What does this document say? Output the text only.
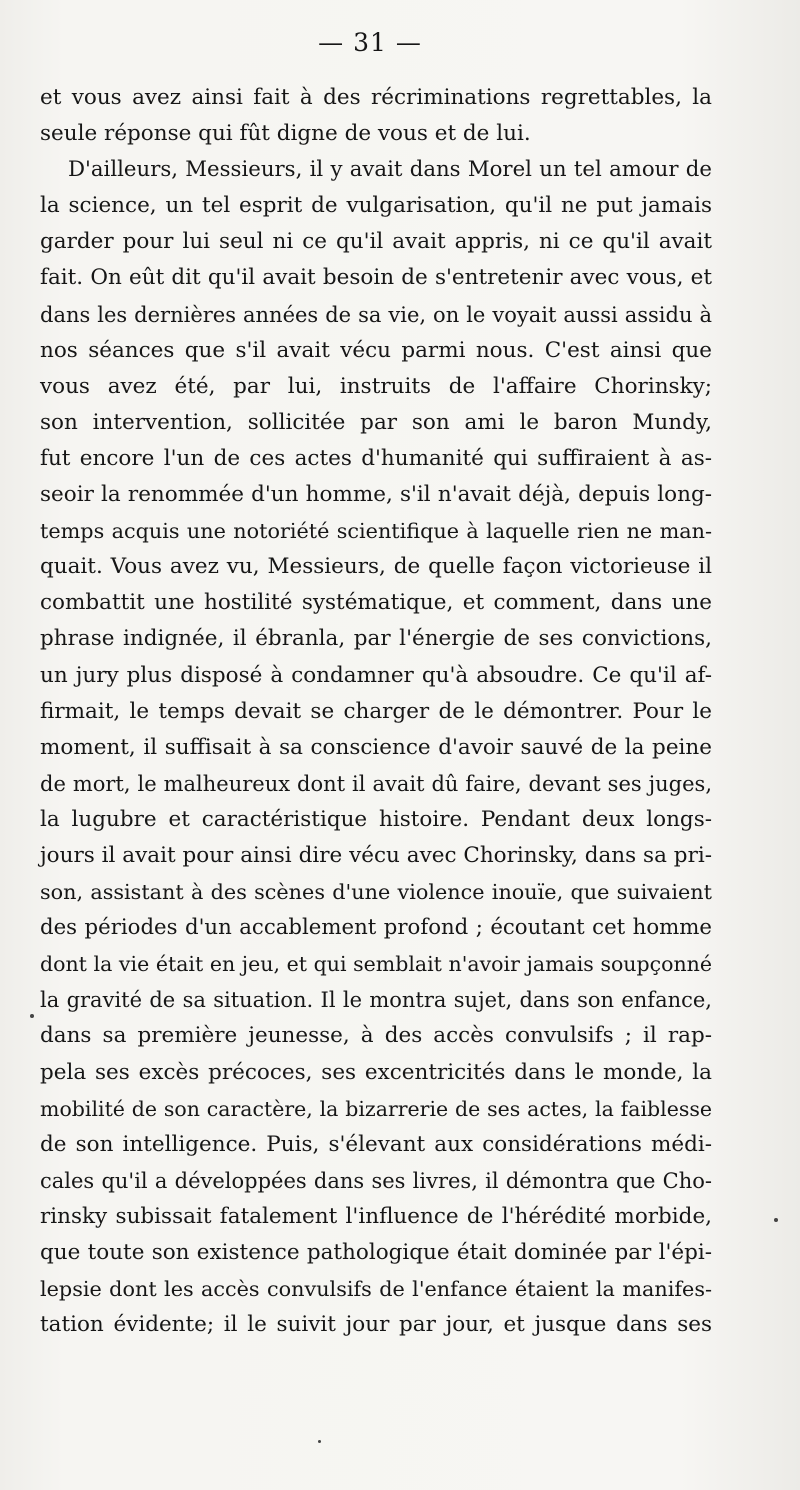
— 31 —
et vous avez ainsi fait à des récriminations regrettables, la
seule réponse qui fût digne de vous et de lui.
D'ailleurs, Messieurs, il y avait dans Morel un tel amour de
la science, un tel esprit de vulgarisation, qu'il ne put jamais
garder pour lui seul ni ce qu'il avait appris, ni ce qu'il avait
fait. On eût dit qu'il avait besoin de s'entretenir avec vous, et
dans les dernières années de sa vie, on le voyait aussi assidu à
nos séances que s'il avait vécu parmi nous. C'est ainsi que
vous avez été, par lui, instruits de l'affaire Chorinsky;
son intervention, sollicitée par son ami le baron Mundy,
fut encore l'un de ces actes d'humanité qui suffiraient à as-
seoir la renommée d'un homme, s'il n'avait déjà, depuis long-
temps acquis une notoriété scientifique à laquelle rien ne man-
quait. Vous avez vu, Messieurs, de quelle façon victorieuse il
combattit une hostilité systématique, et comment, dans une
phrase indignée, il ébranla, par l'énergie de ses convictions,
un jury plus disposé à condamner qu'à absoudre. Ce qu'il af-
firmait, le temps devait se charger de le démontrer. Pour le
moment, il suffisait à sa conscience d'avoir sauvé de la peine
de mort, le malheureux dont il avait dû faire, devant ses juges,
la lugubre et caractéristique histoire. Pendant deux longs-
jours il avait pour ainsi dire vécu avec Chorinsky, dans sa pri-
son, assistant à des scènes d'une violence inouïe, que suivaient
des périodes d'un accablement profond ; écoutant cet homme
dont la vie était en jeu, et qui semblait n'avoir jamais soupçonné
la gravité de sa situation. Il le montra sujet, dans son enfance,
dans sa première jeunesse, à des accès convulsifs ; il rap-
pela ses excès précoces, ses excentricités dans le monde, la
mobilité de son caractère, la bizarrerie de ses actes, la faiblesse
de son intelligence. Puis, s'élevant aux considérations médi-
cales qu'il a développées dans ses livres, il démontra que Cho-
rinsky subissait fatalement l'influence de l'hérédité morbide,
que toute son existence pathologique était dominée par l'épi-
lepsie dont les accès convulsifs de l'enfance étaient la manifes-
tation évidente; il le suivit jour par jour, et jusque dans ses
